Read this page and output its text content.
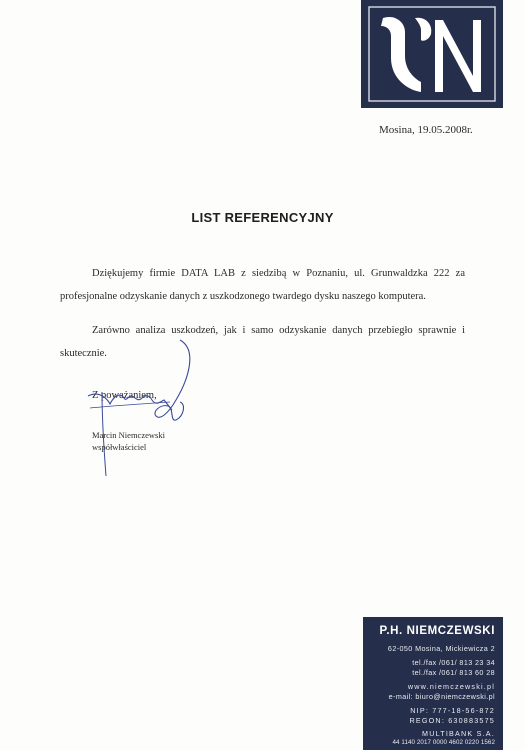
Mosina, 19.05.2008r.
LIST REFERENCYJNY
Dziękujemy firmie DATA LAB z siedzibą w Poznaniu, ul. Grunwaldzka 222 za profesjonalne odzyskanie danych z uszkodzonego twardego dysku naszego komputera.
Zarówno analiza uszkodzeń, jak i samo odzyskanie danych przebiegło sprawnie i skutecznie.
Z poważaniem,
Marcin Niemczewski
współwłaściciel
P.H. NIEMCZEWSKI
62-050 Mosina, Mickiewicza 2
tel./fax /061/ 813 23 34
tel./fax /061/ 813 60 28
www.niemczewski.pl
e-mail: biuro@niemczewski.pl
NIP: 777-18-56-872
REGON: 630883575
MULTIBANK S.A.
44 1140 2017 0000 4602 0220 1562
